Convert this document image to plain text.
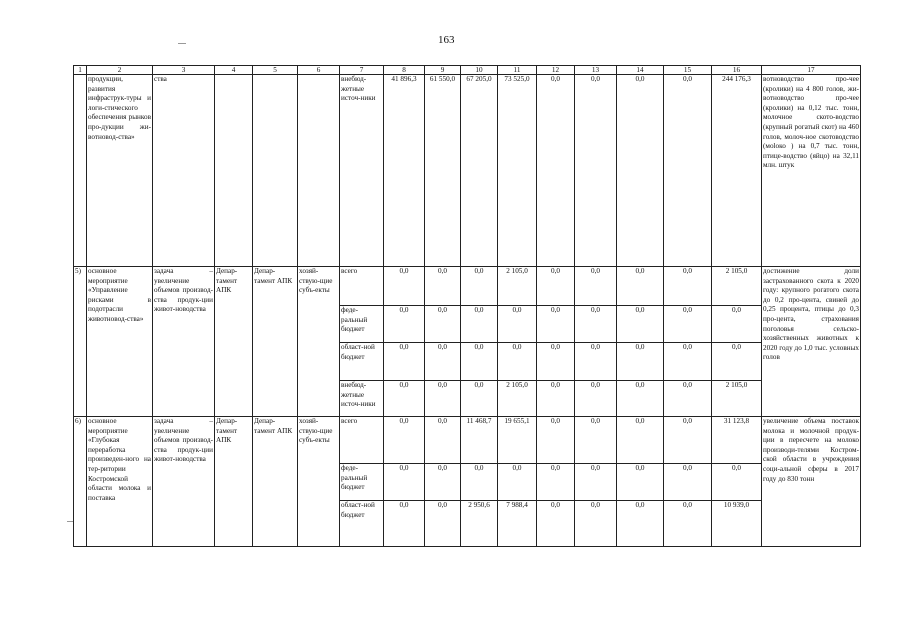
163
1	2	3	4	5	6	7	8	9	10	11	12	13	14	15	16	17
	продукции, развития инфраструк-туры и логи-стического обеспечения рынков про-дукции жи-вотновод-ства»	ства				внебюд-жетные источ-ники	41 896,3	61 550,0	67 205,0	73 525,0	0,0	0,0	0,0	0,0	244 176,3	вотноводство про-чее (кролики) на 4 800 голов, жи-вотноводство про-чее (кролики) на 0,12 тыс. тонн, молочное ското-водство (крупный рогатый скот) на 460 голов, молоч-ное скотоводство (моloко ) на 0,7 тыс. тонн, птице-водство (яйцо) на 32,11 млн. штук
5)	основное мероприятие «Управление рисками в подотрасли животновод-ства»	задача – увеличение объемов производ-ства продук-ции живот-новодства	Депар-тамент АПК	Депар-тамент АПК	хозяй-ствую-щие субъ-екты	всего	0,0	0,0	0,0	2 105,0	0,0	0,0	0,0	0,0	2 105,0	достижение доли застрахованного скота к 2020 году: крупного рогатого скота до 0,2 про-цента, свиней до 0,25 процента, птицы до 0,3 про-цента, страхования поголовья сельско-хозяйственных животных к 2020 году до 1,0 тыс. условных голов
						феде-ральный бюджет	0,0	0,0	0,0	0,0	0,0	0,0	0,0	0,0	0,0	
						област-ной бюджет	0,0	0,0	0,0	0,0	0,0	0,0	0,0	0,0	0,0	
						внебюд-жетные источ-ники	0,0	0,0	0,0	2 105,0	0,0	0,0	0,0	0,0	2 105,0	
6)	основное мероприятие «Глубокая переработка произведен-ного на тер-ритории Костромской области молока и поставка	задача – увеличение объемов производ-ства продук-ции живот-новодства	Депар-тамент АПК	Депар-тамент АПК	хозяй-ствую-щие субъ-екты	всего	0,0	0,0	11 468,7	19 655,1	0,0	0,0	0,0	0,0	31 123,8	увеличение объема поставок молока и молочной продук-ции в пересчете на молоко производи-телями Костром-ской области в учреждения соци-альной сферы в 2017 году до 830 тонн
						феде-ральный бюджет	0,0	0,0	0,0	0,0	0,0	0,0	0,0	0,0	0,0	
						област-ной бюджет	0,0	0,0	2 950,6	7 988,4	0,0	0,0	0,0	0,0	10 939,0	
